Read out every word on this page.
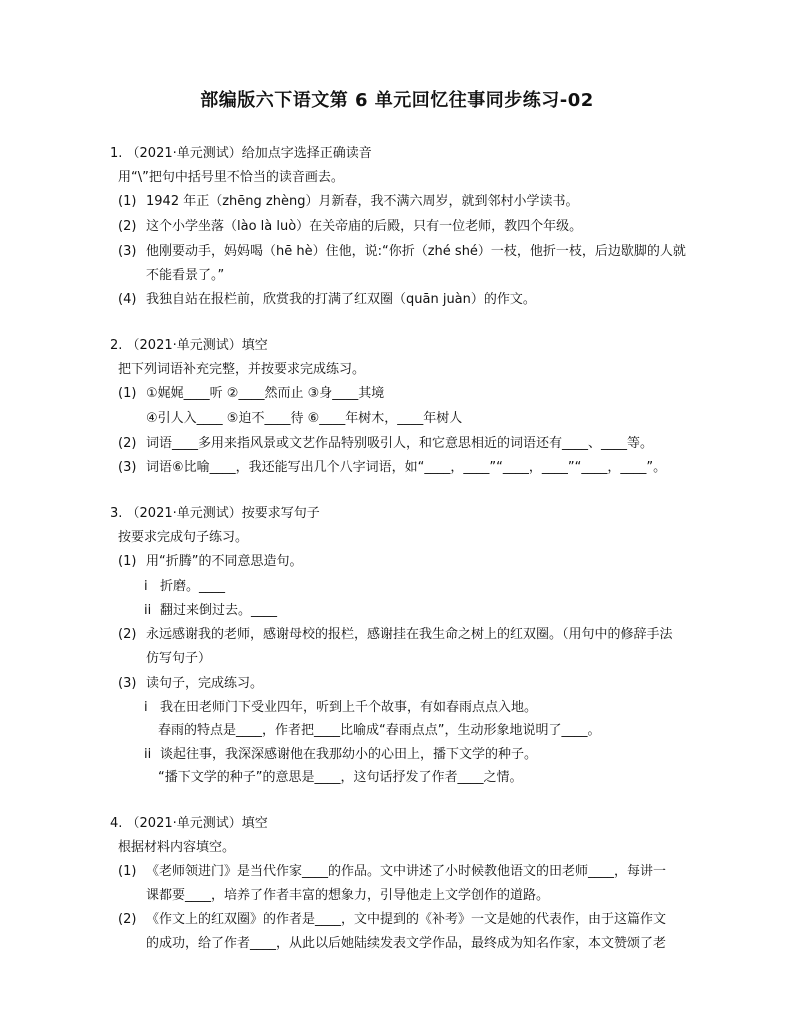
部编版六下语文第 6 单元回忆往事同步练习-02
1. （2021·单元测试）给加点字选择正确读音
用“\”把句中括号里不恰当的读音画去。
(1) 1942 年正（zhēng zhèng）月新春，我不满六周岁，就到邻村小学读书。
(2) 这个小学坐落（lào là luò）在关帝庙的后殿，只有一位老师，教四个年级。
(3) 他刚要动手，妈妈喝（hē hè）住他，说:“你折（zhé shé）一枝，他折一枝，后边歇脚的人就
不能看景了。”
(4) 我独自站在报栏前，欣赏我的打满了红双圈（quān juàn）的作文。
2. （2021·单元测试）填空
把下列词语补充完整，并按要求完成练习。
(1) ①娓娓____听 ②____然而止 ③身____其境
④引人入____ ⑤迫不____待 ⑥____年树木，____年树人
(2) 词语____多用来指风景或文艺作品特别吸引人，和它意思相近的词语还有____、____等。
(3) 词语⑥比喻____，我还能写出几个八字词语，如“____，____”“____，____”“____，____”。
3. （2021·单元测试）按要求写句子
按要求完成句子练习。
(1) 用“折腾”的不同意思造句。
i 折磨。____
ii 翻过来倒过去。____
(2) 永远感谢我的老师，感谢母校的报栏，感谢挂在我生命之树上的红双圈。（用句中的修辞手法
仿写句子）
(3) 读句子，完成练习。
i 我在田老师门下受业四年，听到上千个故事，有如春雨点点入地。
春雨的特点是____，作者把____比喻成“春雨点点”，生动形象地说明了____。
ii 谈起往事，我深深感谢他在我那幼小的心田上，播下文学的种子。
“播下文学的种子”的意思是____，这句话抒发了作者____之情。
4. （2021·单元测试）填空
根据材料内容填空。
(1) 《老师领进门》是当代作家____的作品。文中讲述了小时候教他语文的田老师____，每讲一
课都要____，培养了作者丰富的想象力，引导他走上文学创作的道路。
(2) 《作文上的红双圈》的作者是____，文中提到的《补考》一文是她的代表作，由于这篇作文
的成功，给了作者____，从此以后她陆续发表文学作品，最终成为知名作家，本文赞颂了老
